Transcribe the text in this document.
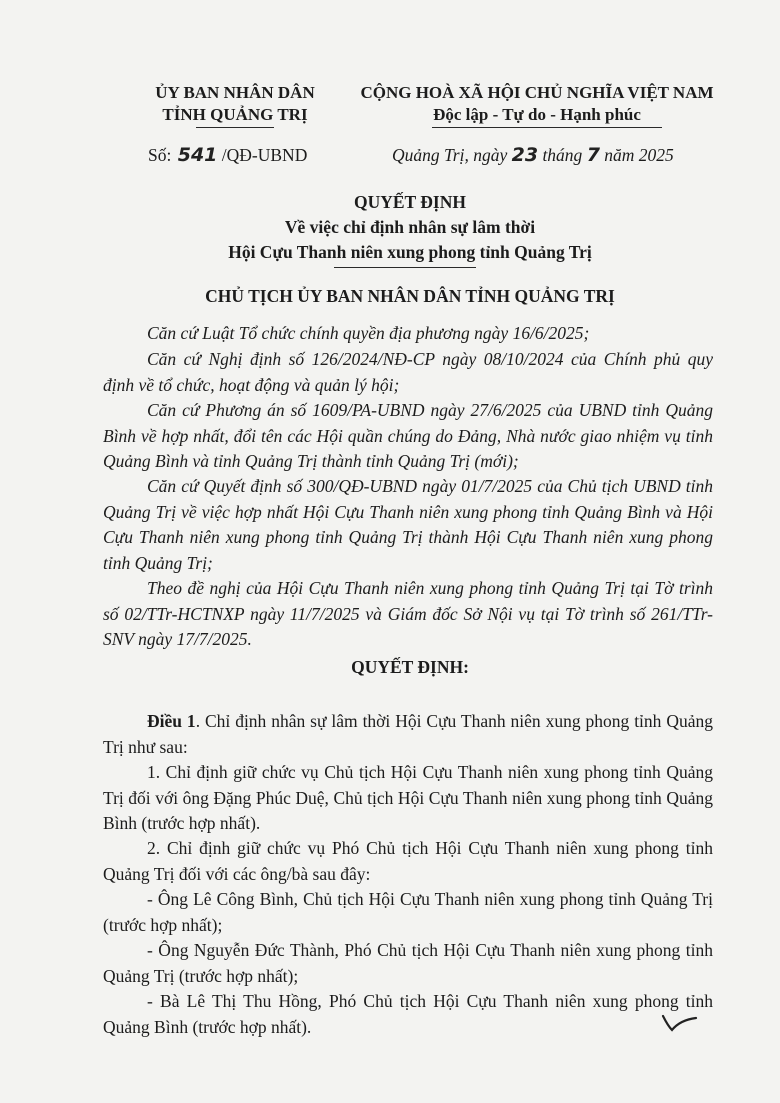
ỦY BAN NHÂN DÂN
TỈNH QUẢNG TRỊ
CỘNG HOÀ XÃ HỘI CHỦ NGHĨA VIỆT NAM
Độc lập - Tự do - Hạnh phúc
Số: 541 /QĐ-UBND	Quảng Trị, ngày 23 tháng 7 năm 2025
QUYẾT ĐỊNH
Về việc chỉ định nhân sự lâm thời
Hội Cựu Thanh niên xung phong tỉnh Quảng Trị
CHỦ TỊCH ỦY BAN NHÂN DÂN TỈNH QUẢNG TRỊ

Căn cứ Luật Tổ chức chính quyền địa phương ngày 16/6/2025;

Căn cứ Nghị định số 126/2024/NĐ-CP ngày 08/10/2024 của Chính phủ quy định về tổ chức, hoạt động và quản lý hội;

Căn cứ Phương án số 1609/PA-UBND ngày 27/6/2025 của UBND tỉnh Quảng Bình về hợp nhất, đổi tên các Hội quần chúng do Đảng, Nhà nước giao nhiệm vụ tỉnh Quảng Bình và tỉnh Quảng Trị thành tỉnh Quảng Trị (mới);

Căn cứ Quyết định số 300/QĐ-UBND ngày 01/7/2025 của Chủ tịch UBND tỉnh Quảng Trị về việc hợp nhất Hội Cựu Thanh niên xung phong tỉnh Quảng Bình và Hội Cựu Thanh niên xung phong tỉnh Quảng Trị thành Hội Cựu Thanh niên xung phong tỉnh Quảng Trị;

Theo đề nghị của Hội Cựu Thanh niên xung phong tỉnh Quảng Trị tại Tờ trình số 02/TTr-HCTNXP ngày 11/7/2025 và Giám đốc Sở Nội vụ tại Tờ trình số 261/TTr-SNV ngày 17/7/2025.

QUYẾT ĐỊNH:

Điều 1. Chỉ định nhân sự lâm thời Hội Cựu Thanh niên xung phong tỉnh Quảng Trị như sau:

1. Chỉ định giữ chức vụ Chủ tịch Hội Cựu Thanh niên xung phong tỉnh Quảng Trị đối với ông Đặng Phúc Duệ, Chủ tịch Hội Cựu Thanh niên xung phong tỉnh Quảng Bình (trước hợp nhất).

2. Chỉ định giữ chức vụ Phó Chủ tịch Hội Cựu Thanh niên xung phong tỉnh Quảng Trị đối với các ông/bà sau đây:

- Ông Lê Công Bình, Chủ tịch Hội Cựu Thanh niên xung phong tỉnh Quảng Trị (trước hợp nhất);

- Ông Nguyễn Đức Thành, Phó Chủ tịch Hội Cựu Thanh niên xung phong tỉnh Quảng Trị (trước hợp nhất);

- Bà Lê Thị Thu Hồng, Phó Chủ tịch Hội Cựu Thanh niên xung phong tỉnh Quảng Bình (trước hợp nhất).
